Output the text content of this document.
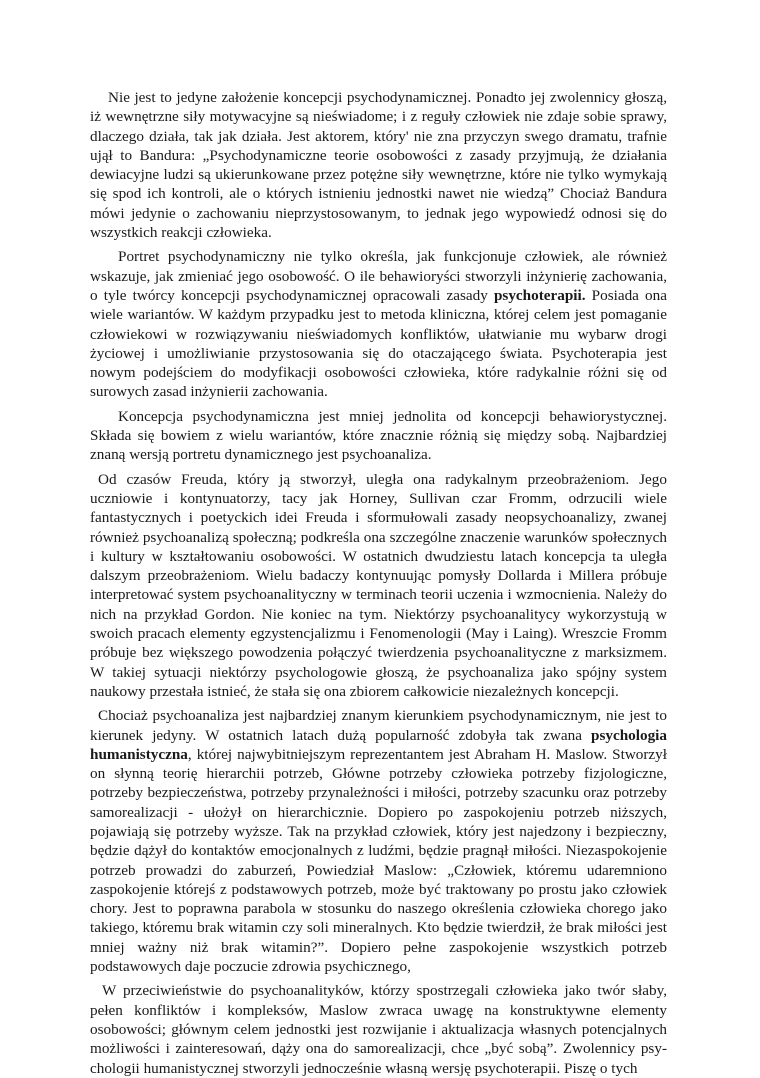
Nie jest to jedyne założenie koncepcji psychodynamicznej. Ponadto jej zwolennicy głoszą, iż wewnętrzne siły motywacyjne są nieświadome; i z reguły człowiek nie zdaje sobie sprawy, dlaczego działa, tak jak działa. Jest aktorem, który' nie zna przyczyn swego dramatu, trafnie ujął to Bandura: „Psychodynamiczne teorie osobowości z zasady przyjmują, że działania dewiacyjne ludzi są ukierunkowane przez potężne siły wewnętrzne, które nie tylko wymykają się spod ich kontroli, ale o których istnieniu jednostki nawet nie wiedzą” Chociaż Bandura mówi jedynie o zachowaniu nieprzystosowanym, to jednak jego wypowiedź odnosi się do wszystkich reakcji człowieka.

Portret psychodynamiczny nie tylko określa, jak funkcjonuje człowiek, ale również wskazuje, jak zmieniać jego osobowość. O ile behawioryści stworzyli inżynierię zachowania, o tyle twórcy koncepcji psychodynamicznej opracowali zasady psychoterapii. Posiada ona wiele wariantów. W każdym przypadku jest to metoda kliniczna, której celem jest pomaganie człowiekowi w rozwiązywaniu nieświadomych konfliktów, ułatwianie mu wybarw drogi życiowej i umożliwianie przystosowania się do otaczającego świata. Psychoterapia jest nowym podejściem do modyfikacji osobowości człowieka, które radykalnie różni się od surowych zasad inżynierii zachowania.

Koncepcja psychodynamiczna jest mniej jednolita od koncepcji behawiorystycznej. Składa się bowiem z wielu wariantów, które znacznie różnią się między sobą. Najbardziej znaną wersją portretu dynamicznego jest psychoanaliza.

Od czasów Freuda, który ją stworzył, uległa ona radykalnym przeobrażeniom. Jego uczniowie i kontynuatorzy, tacy jak Horney, Sullivan czar Fromm, odrzucili wiele fantastycznych i poetyckich idei Freuda i sformułowali zasady neopsychoanalizy, zwanej również psychoanalizą społeczną; podkreśla ona szczególne znaczenie warunków społecznych i kultury w kształtowaniu osobowości. W ostatnich dwudziestu latach koncepcja ta uległa dalszym przeobrażeniom. Wielu badaczy kontynuując pomysły Dollarda i Millera próbuje interpretować system psychoanalityczny w terminach teorii uczenia i wzmocnienia. Należy do nich na przykład Gordon. Nie koniec na tym. Niektórzy psychoanalitycy wykorzystują w swoich pracach elementy egzystencjalizmu i Fenomenologii (May i Laing). Wreszcie Fromm próbuje bez większego powodzenia połączyć twierdzenia psychoanalityczne z marksizmem. W takiej sytuacji niektórzy psychologowie głoszą, że psychoanaliza jako spójny system naukowy przestała istnieć, że stała się ona zbiorem całkowicie niezależnych koncepcji.

Chociaż psychoanaliza jest najbardziej znanym kierunkiem psychodynamicznym, nie jest to kierunek jedyny. W ostatnich latach dużą popularność zdobyła tak zwana psychologia humanistyczna, której najwybitniejszym reprezentantem jest Abraham H. Maslow. Stworzył on słynną teorię hierarchii potrzeb, Główne potrzeby człowieka potrzeby fizjologiczne, potrzeby bezpieczeństwa, potrzeby przynależności i miłości, potrzeby szacunku oraz potrzeby samorealizacji - ułożył on hierarchicznie. Dopiero po zaspokojeniu potrzeb niższych, pojawiają się potrzeby wyższe. Tak na przykład człowiek, który jest najedzony i bezpieczny, będzie dążył do kontaktów emocjonalnych z ludźmi, będzie pragnął miłości. Niezaspokojenie potrzeb prowadzi do zaburzeń, Powiedział Maslow: „Człowiek, któremu udaremniono zaspokojenie którejś z podstawowych potrzeb, może być traktowany po prostu jako człowiek chory. Jest to poprawna parabola w stosunku do naszego określenia człowieka chorego jako takiego, któremu brak witamin czy soli mineralnych. Kto będzie twierdził, że brak miłości jest mniej ważny niż brak witamin?”. Dopiero pełne zaspokojenie wszystkich potrzeb podstawowych daje poczucie zdrowia psychicznego,

W przeciwieństwie do psychoanalityków, którzy spostrzegali człowieka jako twór słaby, pełen konfliktów i kompleksów, Maslow zwraca uwagę na konstruktywne elementy osobowości; głównym celem jednostki jest rozwijanie i aktualizacja własnych potencjalnych możliwości i zainteresowań, dąży ona do samorealizacji, chce „być sobą”. Zwolennicy psychologii humanistycznej stworzyli jednocześnie własną wersję psychoterapii. Piszę o tych
